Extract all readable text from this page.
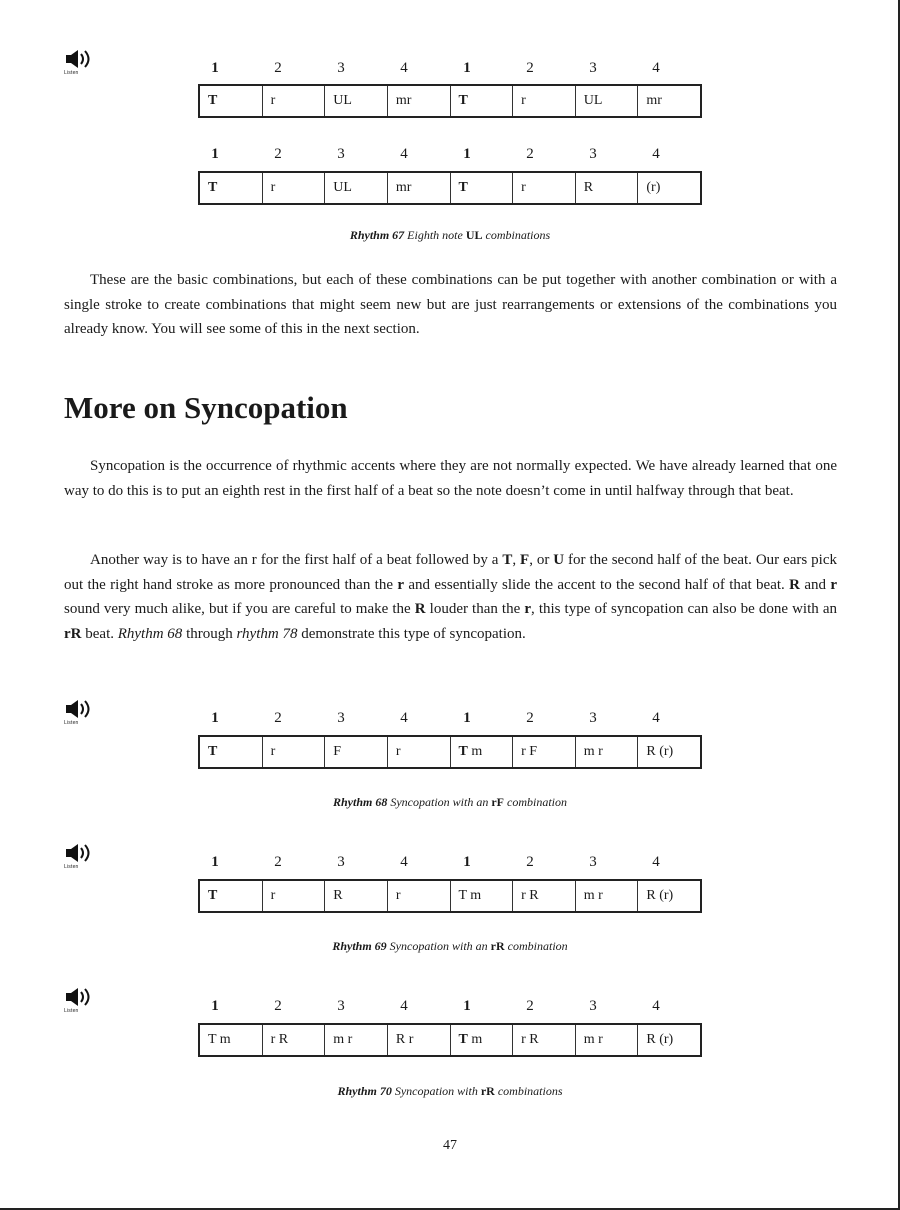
Listen	1	2	3	4	1	2	3	4
T	r	UL	mr	T	r	UL	mr
1	2	3	4	1	2	3	4
T	r	UL	mr	T	r	R	(r)
Rhythm 67 Eighth note UL combinations

These are the basic combinations, but each of these combinations can be put together with another combination or with a single stroke to create combinations that might seem new but are just rearrangements or extensions of the combinations you already know. You will see some of this in the next section.

More on Syncopation

Syncopation is the occurrence of rhythmic accents where they are not normally expected. We have already learned that one way to do this is to put an eighth rest in the first half of a beat so the note doesn’t come in until halfway through that beat.

Another way is to have an r for the first half of a beat followed by a T, F, or U for the second half of the beat. Our ears pick out the right hand stroke as more pronounced than the r and essentially slide the accent to the second half of that beat. R and r sound very much alike, but if you are careful to make the R louder than the r, this type of syncopation can also be done with an rR beat. Rhythm 68 through rhythm 78 demonstrate this type of syncopation.

Listen	1	2	3	4	1	2	3	4
T	r	F	r	T m	r F	m r	R (r)
Rhythm 68 Syncopation with an rF combination
Listen	1	2	3	4	1	2	3	4
T	r	R	r	T m	r R	m r	R (r)
Rhythm 69 Syncopation with an rR combination
Listen	1	2	3	4	1	2	3	4
T m	r R	m r	R r	T m	r R	m r	R (r)
Rhythm 70 Syncopation with rR combinations
47
